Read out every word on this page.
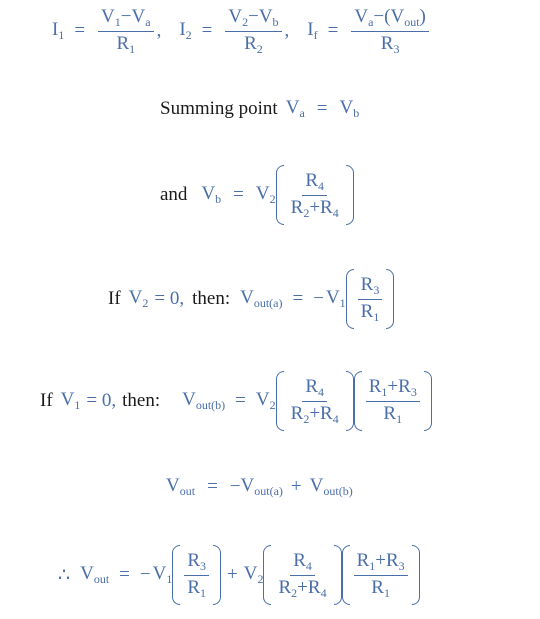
$I_1 = \frac{V_1-V_a}{R_1}$ , $I_2 = \frac{V_2-V_b}{R_2}$ , $I_f = \frac{V_a-(V_{out})}{R_3}$
Summing point $V_a = V_b$
and $V_b = V_2 \frac{R_4}{R_2+R_4}$
If $V_2 = 0$, then: $V_{out(a)}$ = − $V_1 \frac{R_3}{R_1}$
If $V_1 = 0$, then: $V_{out(b)} = V_2 \frac{R_4}{R_2+R_4} \frac{R_1+R_3}{R_1}$
$V_{out}$ = − $V_{out(a)} + V_{out(b)}$
∴ $V_{out}$ = − $V_1 \frac{R_3}{R_1} + V_2 \frac{R_4}{R_2+R_4} \frac{R_1+R_3}{R_1}$
